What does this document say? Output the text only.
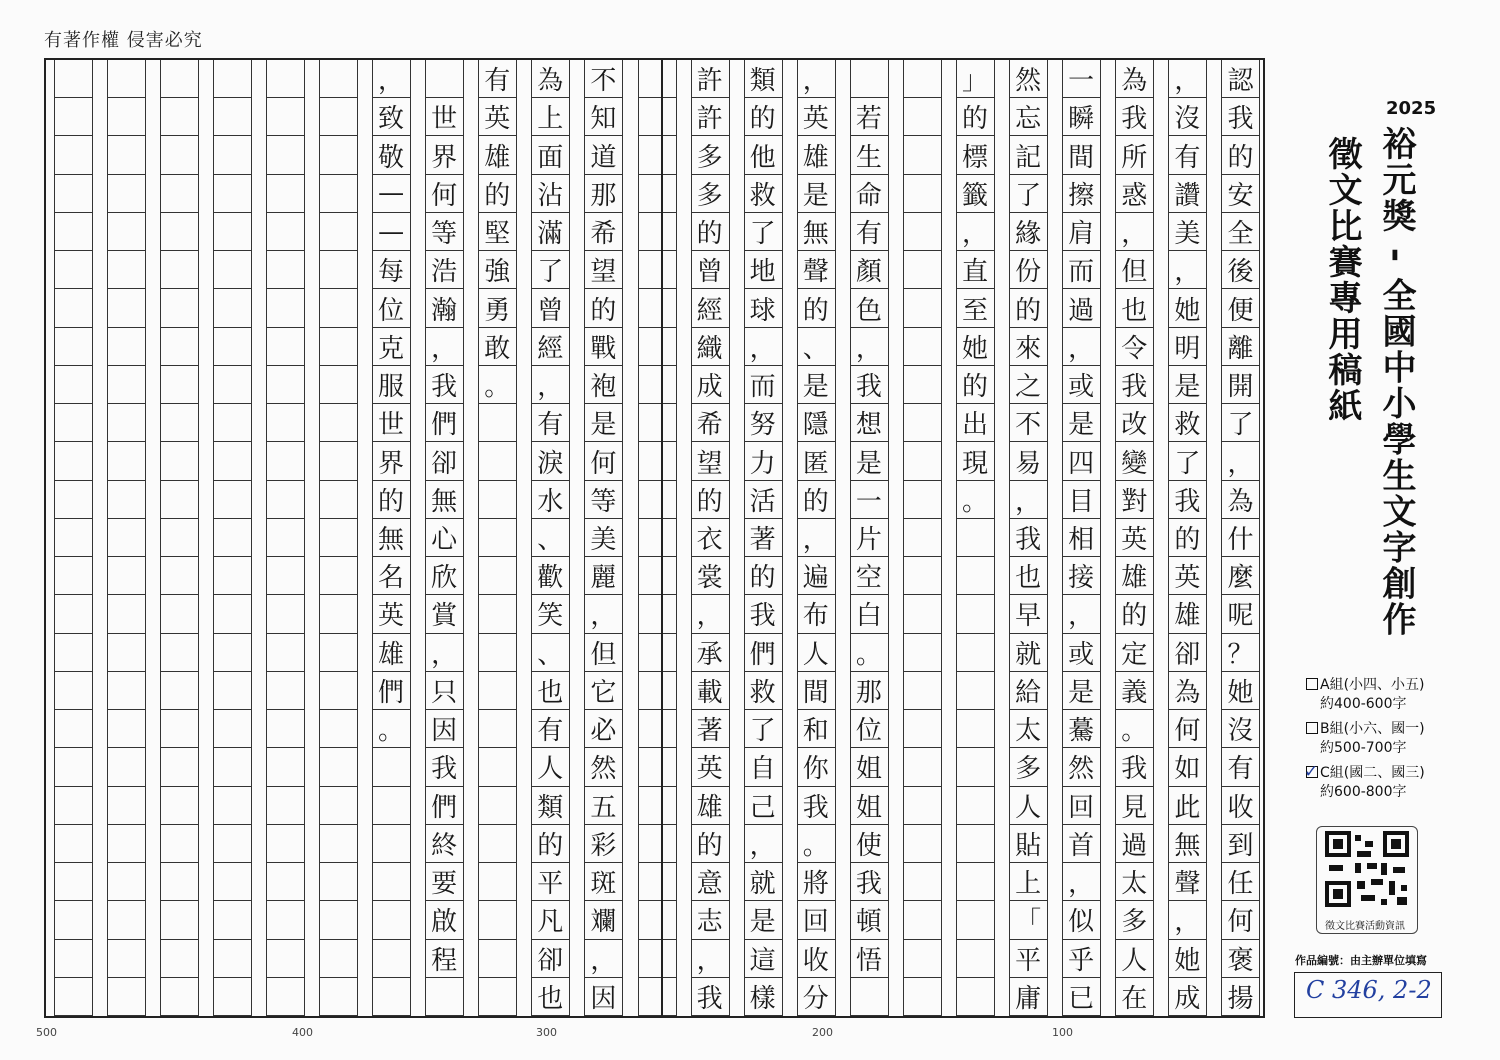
有著作權 侵害必究
認
我
的
安
全
後
便
離
開
了
，
為
什
麼
呢
？
她
沒
有
收
到
任
何
褒
揚
，
沒
有
讚
美
，
她
明
是
救
了
我
的
英
雄
卻
為
何
如
此
無
聲
，
她
成
為
我
所
惑
，
但
也
令
我
改
變
對
英
雄
的
定
義
。
我
見
過
太
多
人
在
一
瞬
間
擦
肩
而
過
，
或
是
四
目
相
接
，
或
是
驀
然
回
首
，
似
乎
已
然
忘
記
了
緣
份
的
來
之
不
易
，
我
也
早
就
給
太
多
人
貼
上
「
平
庸
」
的
標
籤
，
直
至
她
的
出
現
。
若
生
命
有
顏
色
，
我
想
是
一
片
空
白
。
那
位
姐
姐
使
我
頓
悟
，
英
雄
是
無
聲
的
、
是
隱
匿
的
，
遍
布
人
間
和
你
我
。
將
回
收
分
類
的
他
救
了
地
球
，
而
努
力
活
著
的
我
們
救
了
自
己
，
就
是
這
樣
許
許
多
多
的
曾
經
織
成
希
望
的
衣
裳
，
承
載
著
英
雄
的
意
志
，
我
不
知
道
那
希
望
的
戰
袍
是
何
等
美
麗
，
但
它
必
然
五
彩
斑
斕
，
因
為
上
面
沾
滿
了
曾
經
，
有
淚
水
、
歡
笑
、
也
有
人
類
的
平
凡
卻
也
有
英
雄
的
堅
強
勇
敢
。
世
界
何
等
浩
瀚
，
我
們
卻
無
心
欣
賞
，
只
因
我
們
終
要
啟
程
，
致
敬
—
—
每
位
克
服
世
界
的
無
名
英
雄
們
。
2025
裕元獎 - 全國中小學生文字創作
徵文比賽專用稿紙
A組(小四、小五)
約400-600字
B組(小六、國一)
約500-700字
C組(國二、國三)
約600-800字
✓
徵文比賽活動資訊
作品編號：由主辦單位填寫
C 346, 2-2
500	400	300	200	100
